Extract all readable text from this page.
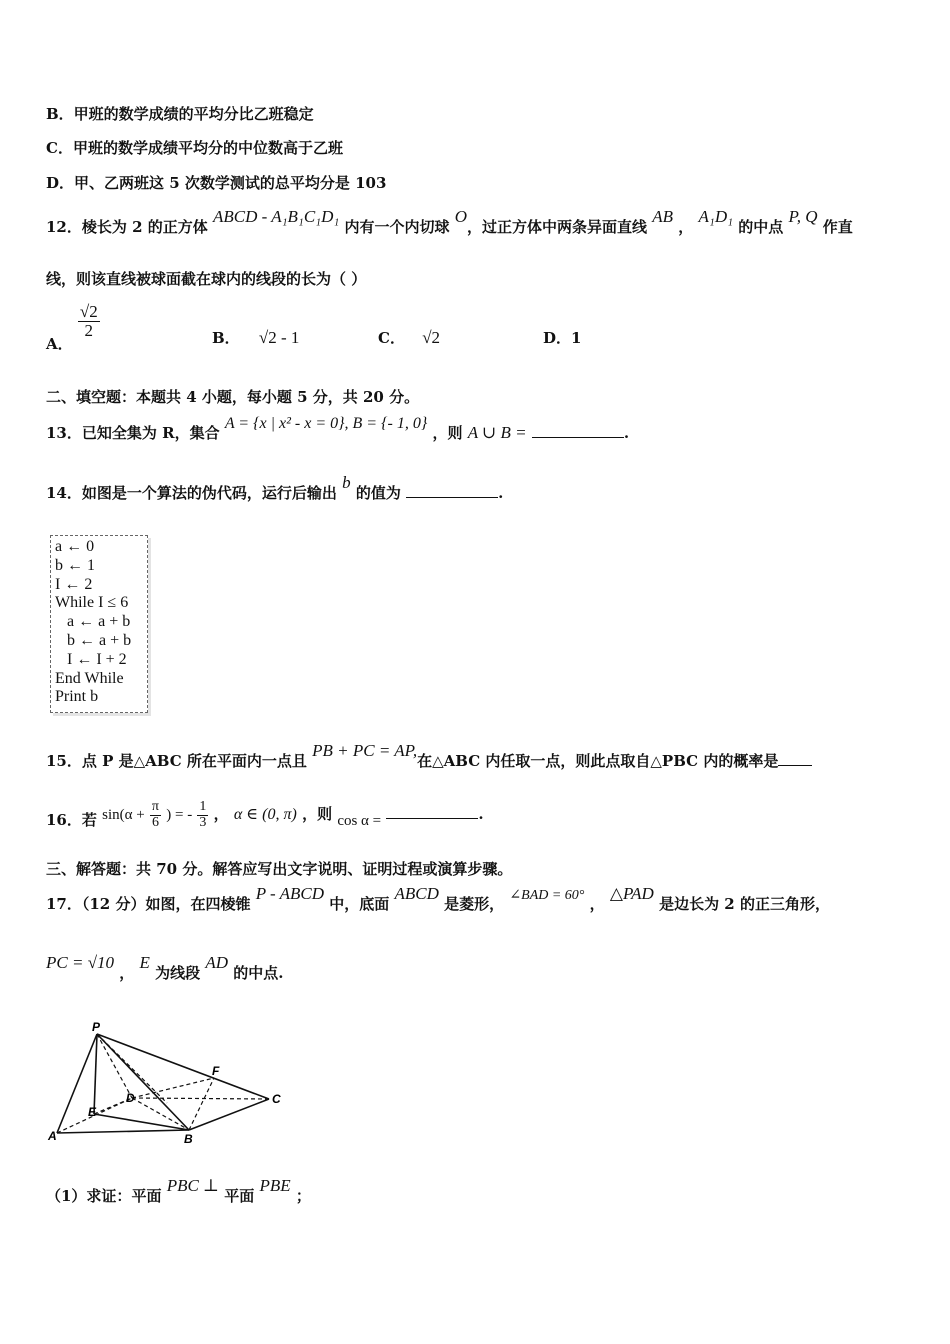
B．甲班的数学成绩的平均分比乙班稳定
C．甲班的数学成绩平均分的中位数高于乙班
D．甲、乙两班这 5 次数学测试的总平均分是 103
12．棱长为 2 的正方体 ABCD - A₁B₁C₁D₁ 内有一个内切球 O，过正方体中两条异面直线 AB ， A₁D₁ 的中点 P, Q 作直
线，则该直线被球面截在球内的线段的长为（ ）
A．
$\frac{√2}{2}$	B． √2 - 1	C． √2	D．1
二、填空题：本题共 4 小题，每小题 5 分，共 20 分。
13．已知全集为 R，集合 A = {x | x² - x = 0}, B = {- 1, 0} ，则 A ∪ B =	.
14．如图是一个算法的伪代码，运行后输出 b 的值为	.
a ← 0
b ← 1
I ← 2
While I ≤ 6
a ← a + b
b ← a + b
I ← I + 2
End While
Print b
15．点 P 是△ABC 所在平面内一点且 PB + PC = AP,在△ABC 内任取一点，则此点取自△PBC 内的概率是
16．若 $\sin(\alpha + \frac{\pi}{6}$ ) = - $\frac{1}{3}$ ， α ∈ (0, π) ，则 cos α =	.
三、解答题：共 70 分。解答应写出文字说明、证明过程或演算步骤。
17．（12 分）如图，在四棱锥 P - ABCD 中，底面 ABCD 是菱形， ∠BAD = 60° ， △PAD 是边长为 2 的正三角形，
PC = √10 ， E 为线段 AD 的中点.
P
A	B
C
D
E
F
（1）求证：平面 PBC ⊥ 平面 PBE ；
